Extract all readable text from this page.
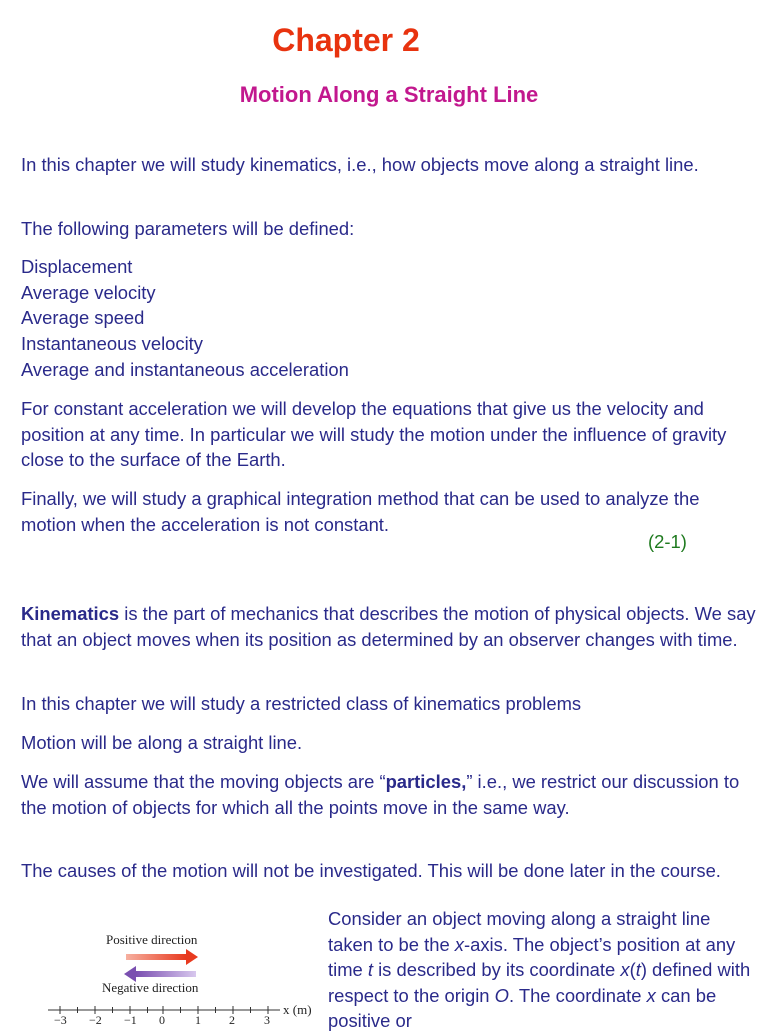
Chapter 2
Motion Along a Straight Line

In this chapter we will study kinematics, i.e., how objects move along a straight line.

The following parameters will be defined:

Displacement
Average velocity
Average speed
Instantaneous velocity
Average and instantaneous acceleration

For constant acceleration we will develop the equations that give us the velocity and position at any time. In particular we will study the motion under the influence of gravity close to the surface of the Earth.

Finally, we will study a graphical integration method that can be used to analyze the motion when the acceleration is not constant.

(2-1)

Kinematics is the part of mechanics that describes the motion of physical objects. We say that an object moves when its position as determined by an observer changes with time.

In this chapter we will study a restricted class of kinematics problems

Motion will be along a straight line.

We will assume that the moving objects are “particles,” i.e., we restrict our discussion to the motion of objects for which all the points move in the same way.

The causes of the motion will not be investigated. This will be done later in the course.

Consider an object moving along a straight line taken to be the x-axis. The object’s position at any time t is described by its coordinate x(t) defined with respect to the origin O. The coordinate x can be positive or

Positive direction
Negative direction
x (m)
−3 −2 −1 0	1 2 3
